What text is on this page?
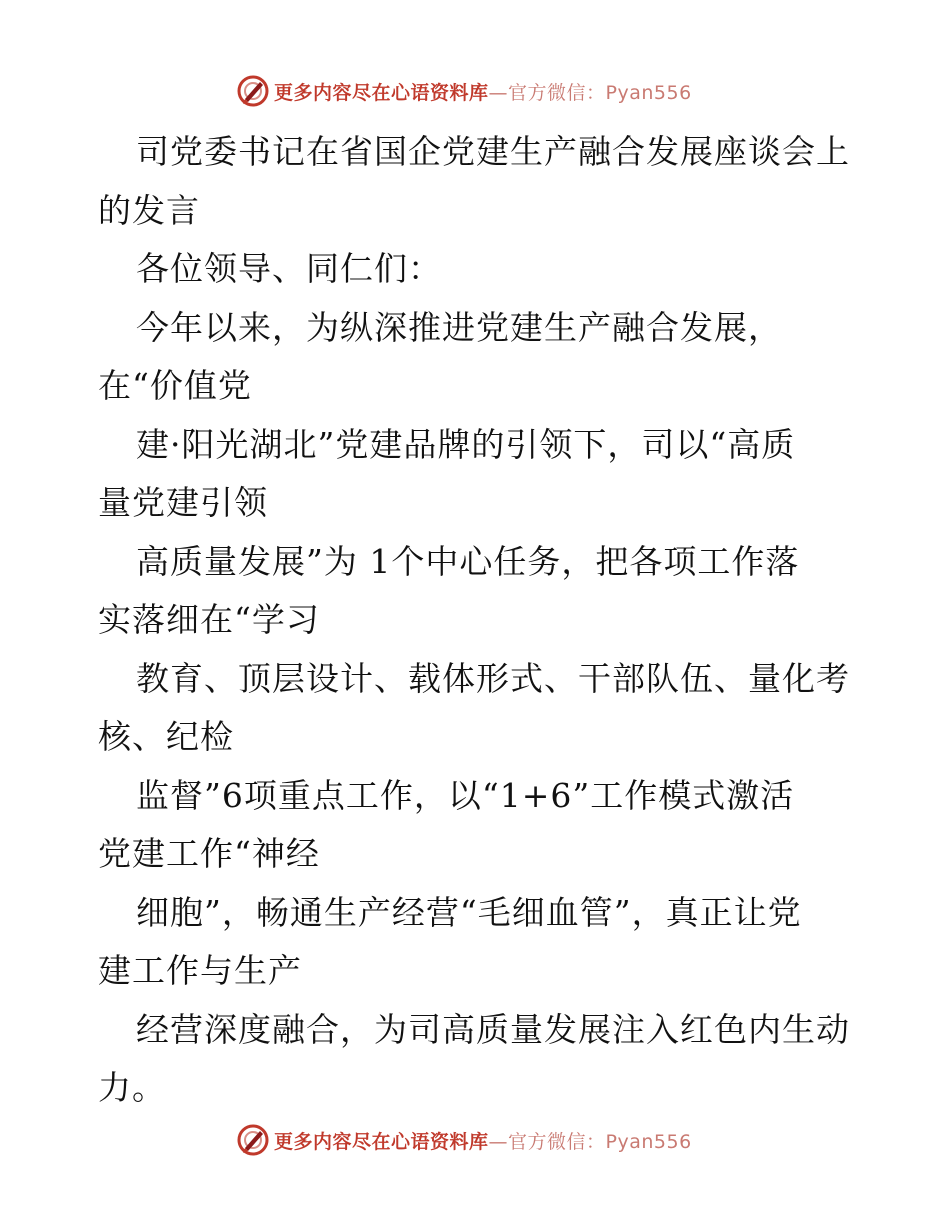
更多内容尽在心语资料库 —官方微信：Pyan556
司党委书记在省国企党建生产融合发展座谈会上
的发言
各位领导、同仁们：
今年以来，为纵深推进党建生产融合发展，
在“价值党
建·阳光湖北”党建品牌的引领下，司以“高质
量党建引领
高质量发展”为 1个中心任务，把各项工作落
实落细在“学习
教育、顶层设计、载体形式、干部队伍、量化考
核、纪检
监督”6项重点工作，以“1+6”工作模式激活
党建工作“神经
细胞”，畅通生产经营“毛细血管”，真正让党
建工作与生产
经营深度融合，为司高质量发展注入红色内生动
力。
更多内容尽在心语资料库 —官方微信：Pyan556
